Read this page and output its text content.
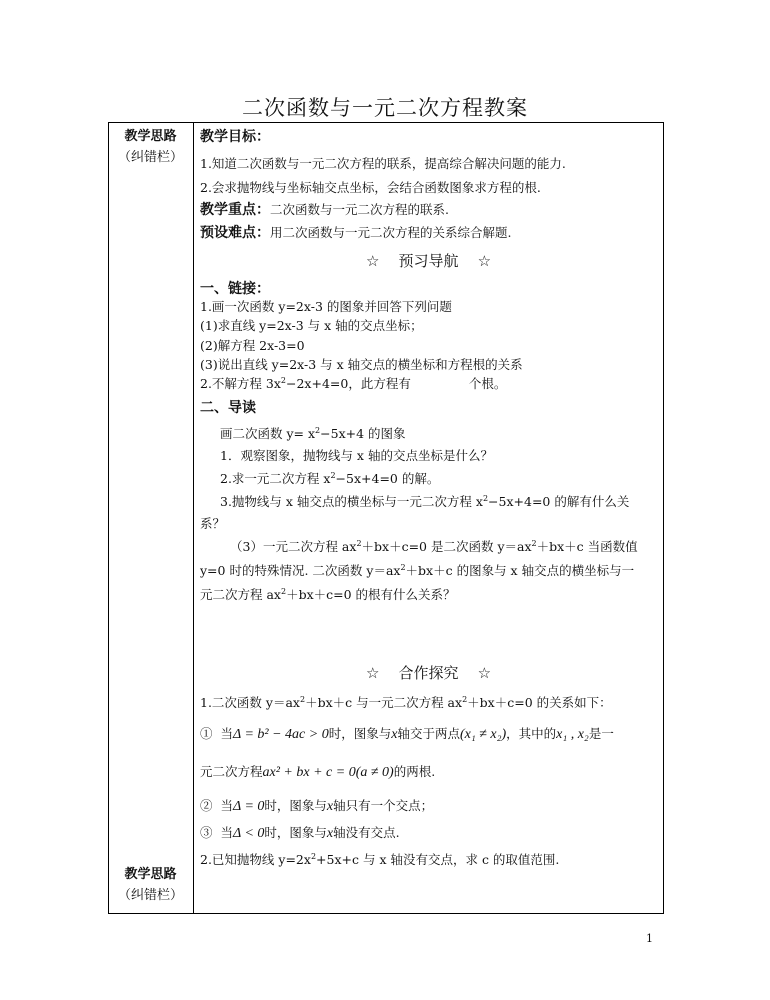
二次函数与一元二次方程教案
教学思路
（纠错栏）
教学思路
（纠错栏）
教学目标：
1.知道二次函数与一元二次方程的联系，提高综合解决问题的能力.
2.会求抛物线与坐标轴交点坐标，会结合函数图象求方程的根.
教学重点：二次函数与一元二次方程的联系.
预设难点：用二次函数与一元二次方程的关系综合解题.
☆ 预习导航 ☆
一、链接：
1.画一次函数 y=2x-3 的图象并回答下列问题
(1)求直线 y=2x-3 与 x 轴的交点坐标；
(2)解方程 2x-3=0
(3)说出直线 y=2x-3 与 x 轴交点的横坐标和方程根的关系
2.不解方程 $3x^2-2x+4=0$，此方程有	个根。
二、导读
画二次函数 $y= x^2-5x+4$ 的图象
1．观察图象，抛物线与 x 轴的交点坐标是什么？
2.求一元二次方程 $x^2-5x+4=0$ 的解。
3.抛物线与 x 轴交点的横坐标与一元二次方程 $x^2-5x+4=0$ 的解有什么关
系？
（3）一元二次方程 $ax^2+bx+c=0$ 是二次函数 $y=ax^2+bx+c$ 当函数值
y=0 时的特殊情况. 二次函数 $y=ax^2+bx+c$ 的图象与 x 轴交点的横坐标与一
元二次方程 $ax^2+bx+c=0$ 的根有什么关系？
☆ 合作探究 ☆
1.二次函数 $y=ax^2+bx+c$ 与一元二次方程 $ax^2+bx+c=0$ 的关系如下：
① 当Δ = b² − 4ac > 0时，图象与x轴交于两点(x₁ ≠ x₂)，其中的x₁ , x₂是一
元二次方程ax² + bx + c = 0(a ≠ 0)的两根.
② 当Δ = 0时，图象与x轴只有一个交点；
③ 当Δ < 0时，图象与x轴没有交点.
2.已知抛物线 $y=2x^2+5x+c$ 与 x 轴没有交点，求 c 的取值范围.
1
